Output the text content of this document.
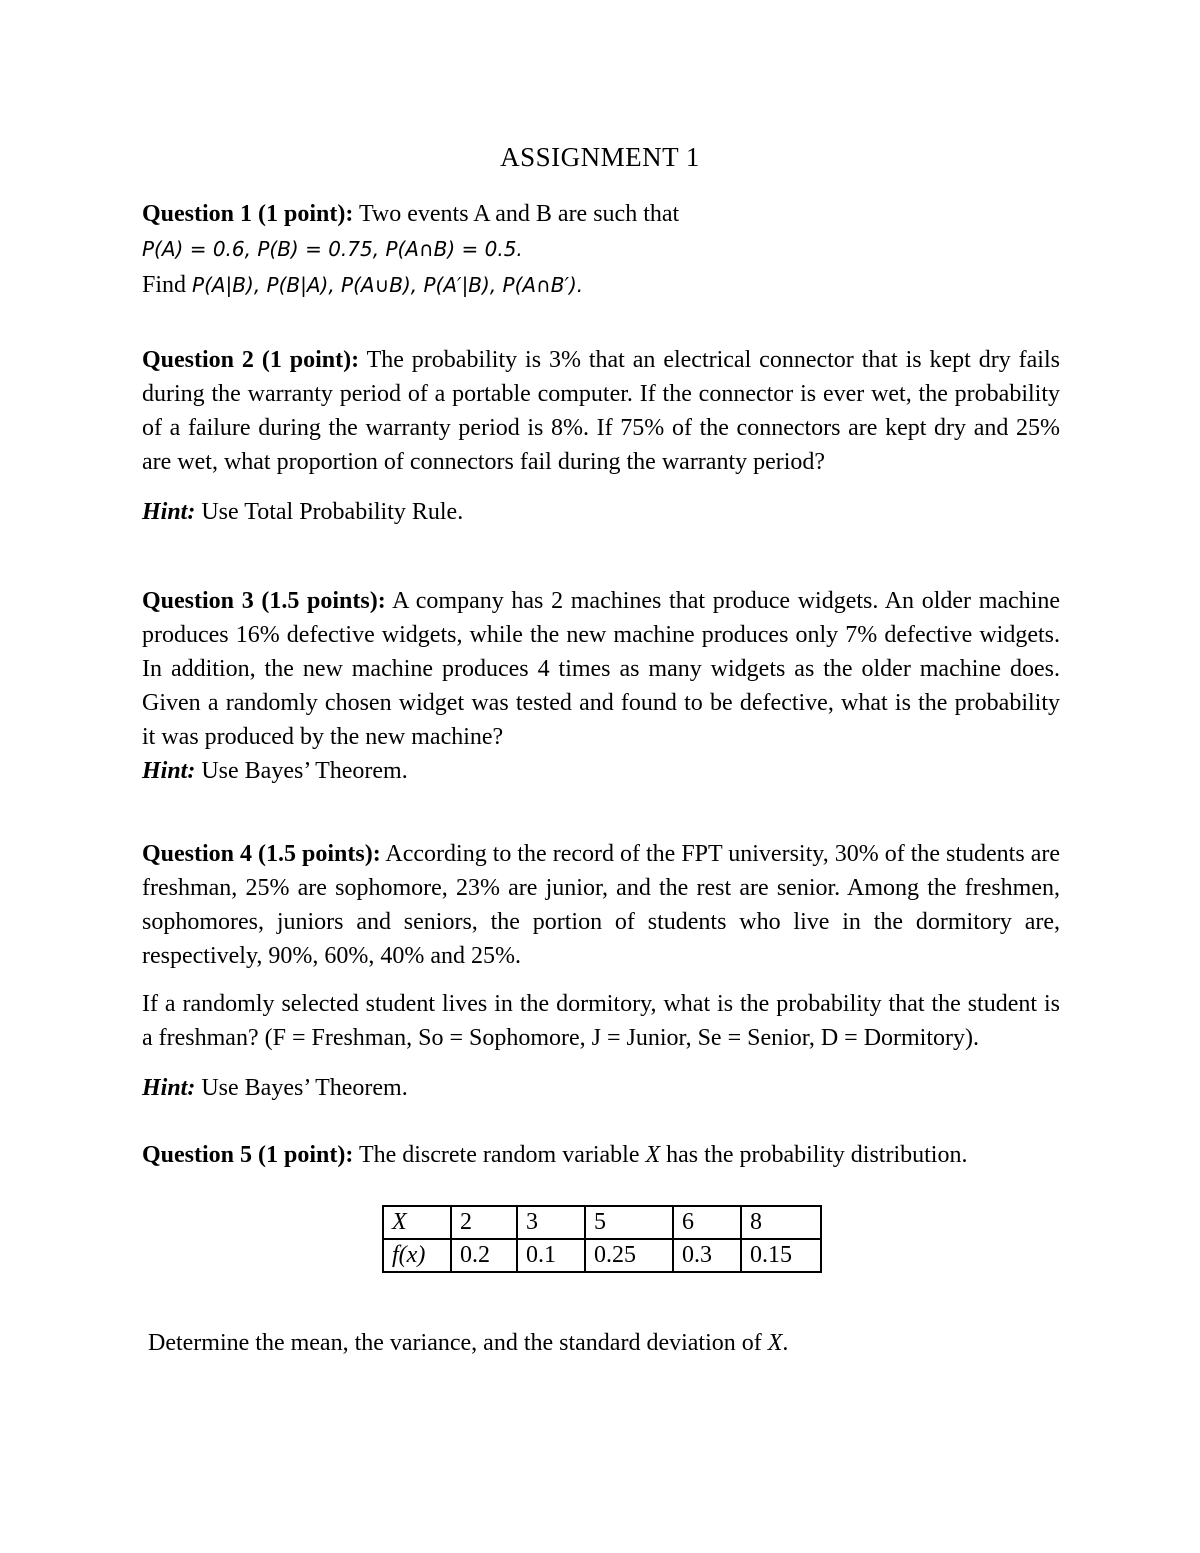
ASSIGNMENT 1
Question 1 (1 point): Two events A and B are such that
P(A) = 0.6, P(B) = 0.75, P(A∩B) = 0.5.
Find P(A|B), P(B|A), P(A∪B), P(A′|B), P(A∩B′).
Question 2 (1 point): The probability is 3% that an electrical connector that is kept dry fails during the warranty period of a portable computer. If the connector is ever wet, the probability of a failure during the warranty period is 8%. If 75% of the connectors are kept dry and 25% are wet, what proportion of connectors fail during the warranty period?
Hint: Use Total Probability Rule.
Question 3 (1.5 points): A company has 2 machines that produce widgets. An older machine produces 16% defective widgets, while the new machine produces only 7% defective widgets. In addition, the new machine produces 4 times as many widgets as the older machine does. Given a randomly chosen widget was tested and found to be defective, what is the probability it was produced by the new machine?
Hint: Use Bayes’ Theorem.
Question 4 (1.5 points): According to the record of the FPT university, 30% of the students are freshman, 25% are sophomore, 23% are junior, and the rest are senior. Among the freshmen, sophomores, juniors and seniors, the portion of students who live in the dormitory are, respectively, 90%, 60%, 40% and 25%.
If a randomly selected student lives in the dormitory, what is the probability that the student is a freshman? (F = Freshman, So = Sophomore, J = Junior, Se = Senior, D = Dormitory).
Hint: Use Bayes’ Theorem.
Question 5 (1 point): The discrete random variable X has the probability distribution.
X	2	3	5	6	8
f(x)	0.2	0.1	0.25	0.3	0.15
Determine the mean, the variance, and the standard deviation of X.
